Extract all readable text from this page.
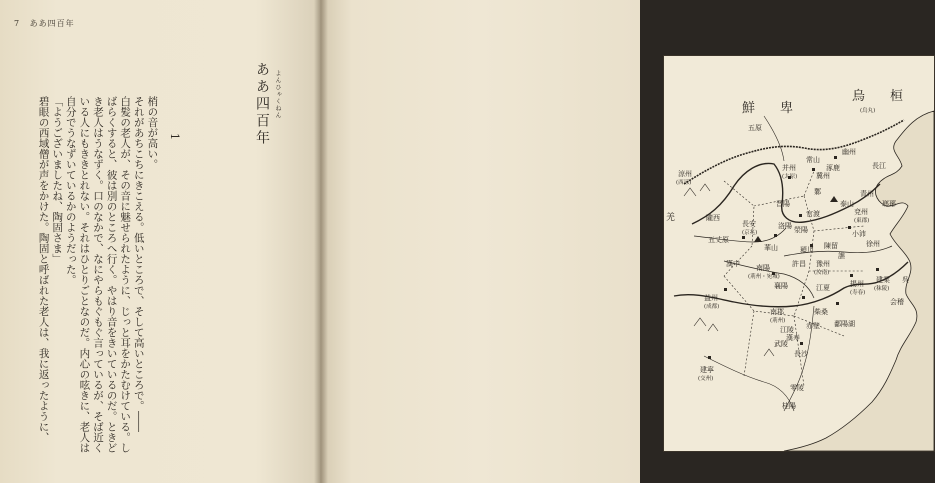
7 ああ四百年
ああ四百年 よんひゃくねん
1

梢の音が高い。

それがあちこちにきこえる。低いところで、そして高いところで。――

白髪の老人が、その音に魅せられたように、じっと耳をかたむけている。しばらくすると、彼は別のところへ行く。やはり音をきいているのだ。ときどき老人はうなずく。口のなかで、なにやらもぐもぐ言っているが、そば近くいる人にもききとれない。それはひとりごとなのだ。内心の呟きに、老人は自分でうなずいているかのようだった。

「ようございましたね、陶固さま」

碧眼の西域僧が声をかけた。陶固と呼ばれた老人は、我に返ったように、	烏　桓
(烏丸)
鮮　卑
羌
五原
涼州
(西涼)
并州
(太原)
常山
幽州
冀州
鄴
涿鹿	長江
晋陽
官渡
泰山
青州
兗州
(東郡)
徐州
瑯琊
小沛
洛陽 滎陽
隴西
長安
(京兆)
五丈原
華山	潁川
許昌
陳留
譙
豫州
(汝南)
漢中 南陽
(荊州・宛城)
襄陽	揚州
(寿春)
建業
(秣陵)
呉
会稽
益州
(成都)
南郡
(荊州)
江夏
柴桑
江陵 赤壁
武陵
長沙
鄱陽湖
漢寿
建寧
(交州)
零陵
桂陽
